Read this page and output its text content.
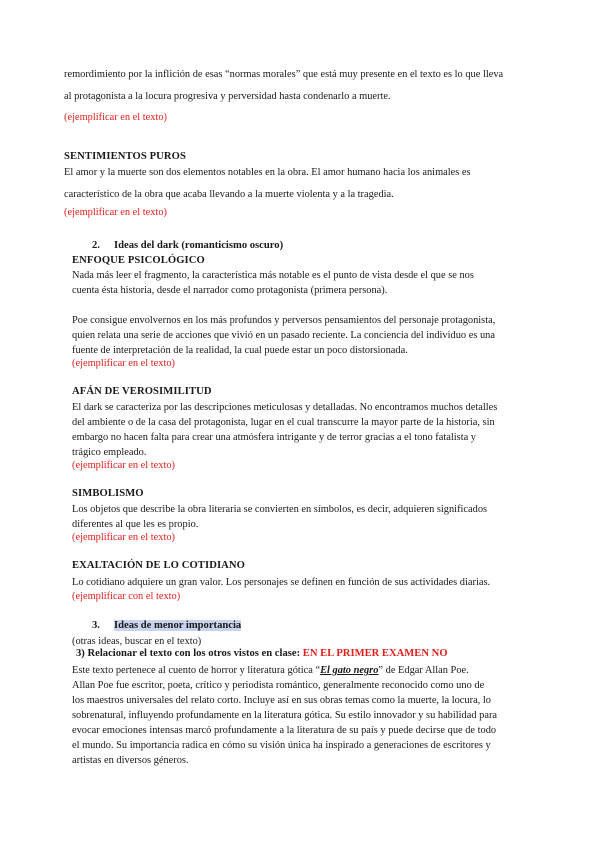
remordimiento por la inflición de esas “normas morales” que está muy presente en el texto es lo que lleva

al protagonista a la locura progresiva y perversidad hasta condenarlo a muerte.

(ejemplificar en el texto)

SENTIMIENTOS PUROS

El amor y la muerte son dos elementos notables en la obra. El amor humano hacia los animales es

característico de la obra que acaba llevando a la muerte violenta y a la tragedia.

(ejemplificar en el texto)

2. Ideas del dark (romanticismo oscuro)

ENFOQUE PSICOLÓGICO

Nada más leer el fragmento, la característica más notable es el punto de vista desde el que se nos

cuenta ésta historia, desde el narrador como protagonista (primera persona).

Poe consigue envolvernos en los más profundos y perversos pensamientos del personaje protagonista,

quien relata una serie de acciones que vivió en un pasado reciente. La conciencia del individuo es una

fuente de interpretación de la realidad, la cual puede estar un poco distorsionada.

(ejemplificar en el texto)

AFÁN DE VEROSIMILITUD

El dark se caracteriza por las descripciones meticulosas y detalladas. No encontramos muchos detalles

del ambiente o de la casa del protagonista, lugar en el cual transcurre la mayor parte de la historia, sin

embargo no hacen falta para crear una atmósfera intrigante y de terror gracias a el tono fatalista y

trágico empleado.

(ejemplificar en el texto)

SIMBOLISMO

Los objetos que describe la obra literaria se convierten en símbolos, es decir, adquieren significados

diferentes al que les es propio.

(ejemplificar en el texto)

EXALTACIÓN DE LO COTIDIANO

Lo cotidiano adquiere un gran valor. Los personajes se definen en función de sus actividades diarias.

(ejemplificar con el texto)

3. Ideas de menor importancia

(otras ideas, buscar en el texto)

3) Relacionar el texto con los otros vistos en clase: EN EL PRIMER EXAMEN NO

Este texto pertenece al cuento de horror y literatura gótica “El gato negro” de Edgar Allan Poe.

Allan Poe fue escritor, poeta, crítico y periodista romántico, generalmente reconocido como uno de

los maestros universales del relato corto. Incluye así en sus obras temas como la muerte, la locura, lo

sobrenatural, influyendo profundamente en la literatura gótica. Su estilo innovador y su habilidad para

evocar emociones intensas marcó profundamente a la literatura de su país y puede decirse que de todo

el mundo. Su importancia radica en cómo su visión única ha inspirado a generaciones de escritores y

artistas en diversos géneros.
